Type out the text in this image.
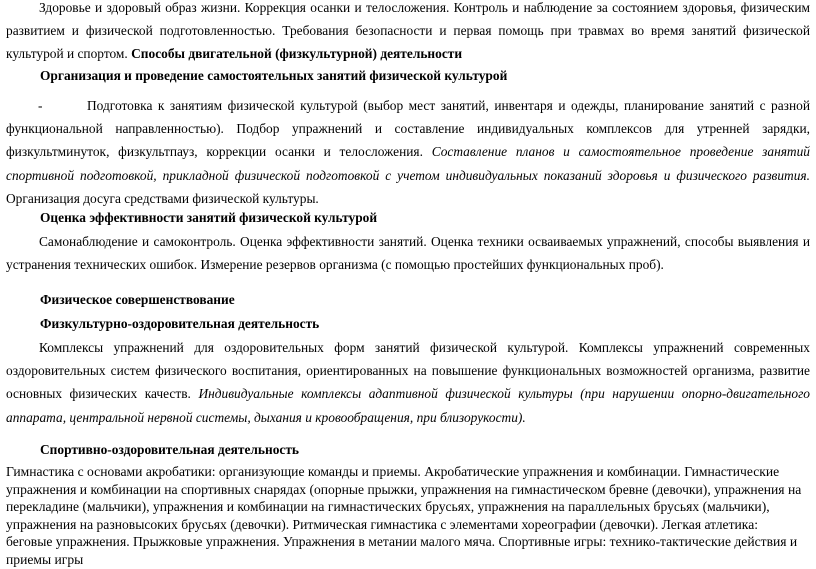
Здоровье и здоровый образ жизни. Коррекция осанки и телосложения. Контроль и наблюдение за состоянием здоровья, физическим развитием и физической подготовленностью. Требования безопасности и первая помощь при травмах во время занятий физической культурой и спортом. Способы двигательной (физкультурной) деятельности

Организация и проведение самостоятельных занятий физической культурой

-	Подготовка к занятиям физической культурой (выбор мест занятий, инвентаря и одежды, планирование занятий с разной функциональной направленностью). Подбор упражнений и составление индивидуальных комплексов для утренней зарядки, физкультминуток, физкультпауз, коррекции осанки и телосложения. Составление планов и самостоятельное проведение занятий спортивной подготовкой, прикладной физической подготовкой с учетом индивидуальных показаний здоровья и физического развития. Организация досуга средствами физической культуры.

Оценка эффективности занятий физической культурой

Самонаблюдение и самоконтроль. Оценка эффективности занятий. Оценка техники осваиваемых упражнений, способы выявления и устранения технических ошибок. Измерение резервов организма (с помощью простейших функциональных проб).

Физическое совершенствование

Физкультурно-оздоровительная деятельность

Комплексы упражнений для оздоровительных форм занятий физической культурой. Комплексы упражнений современных оздоровительных систем физического воспитания, ориентированных на повышение функциональных возможностей организма, развитие основных физических качеств. Индивидуальные комплексы адаптивной физической культуры (при нарушении опорно-двигательного аппарата, центральной нервной системы, дыхания и кровообращения, при близорукости).

Спортивно-оздоровительная деятельность

Гимнастика с основами акробатики: организующие команды и приемы. Акробатические упражнения и комбинации. Гимнастические упражнения и комбинации на спортивных снарядах (опорные прыжки, упражнения на гимнастическом бревне (девочки), упражнения на перекладине (мальчики), упражнения и комбинации на гимнастических брусьях, упражнения на параллельных брусьях (мальчики), упражнения на разновысоких брусьях (девочки). Ритмическая гимнастика с элементами хореографии (девочки). Легкая атлетика: беговые упражнения. Прыжковые упражнения. Упражнения в метании малого мяча. Спортивные игры: технико-тактические действия и приемы игры
